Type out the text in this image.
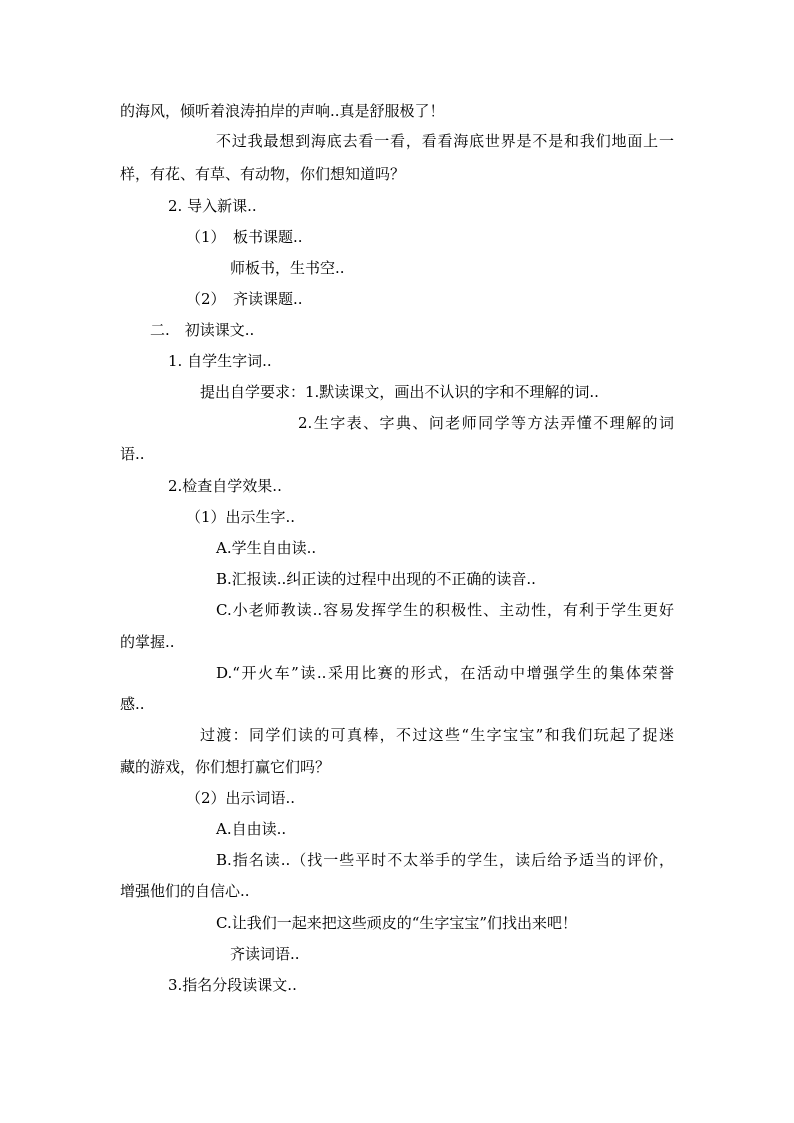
的海风，倾听着浪涛拍岸的声响..真是舒服极了！

不过我最想到海底去看一看，看看海底世界是不是和我们地面上一

样，有花、有草、有动物，你们想知道吗？

2. 导入新课..

（1）　板书课题..

师板书，生书空..

（2）　齐读课题..

二.　初读课文..

1. 自学生字词..

提出自学要求：1.默读课文，画出不认识的字和不理解的词..

2.生字表、字典、问老师同学等方法弄懂不理解的词

语..

2.检查自学效果..

（1）出示生字..

A.学生自由读..

B.汇报读..纠正读的过程中出现的不正确的读音..

C.小老师教读..容易发挥学生的积极性、主动性，有利于学生更好

的掌握..

D.“开火车”读..采用比赛的形式，在活动中增强学生的集体荣誉

感..

过渡：同学们读的可真棒，不过这些“生字宝宝”和我们玩起了捉迷

藏的游戏，你们想打赢它们吗？

（2）出示词语..

A.自由读..

B.指名读..（找一些平时不太举手的学生，读后给予适当的评价，

增强他们的自信心..

C.让我们一起来把这些顽皮的“生字宝宝”们找出来吧！

齐读词语..

3.指名分段读课文..
